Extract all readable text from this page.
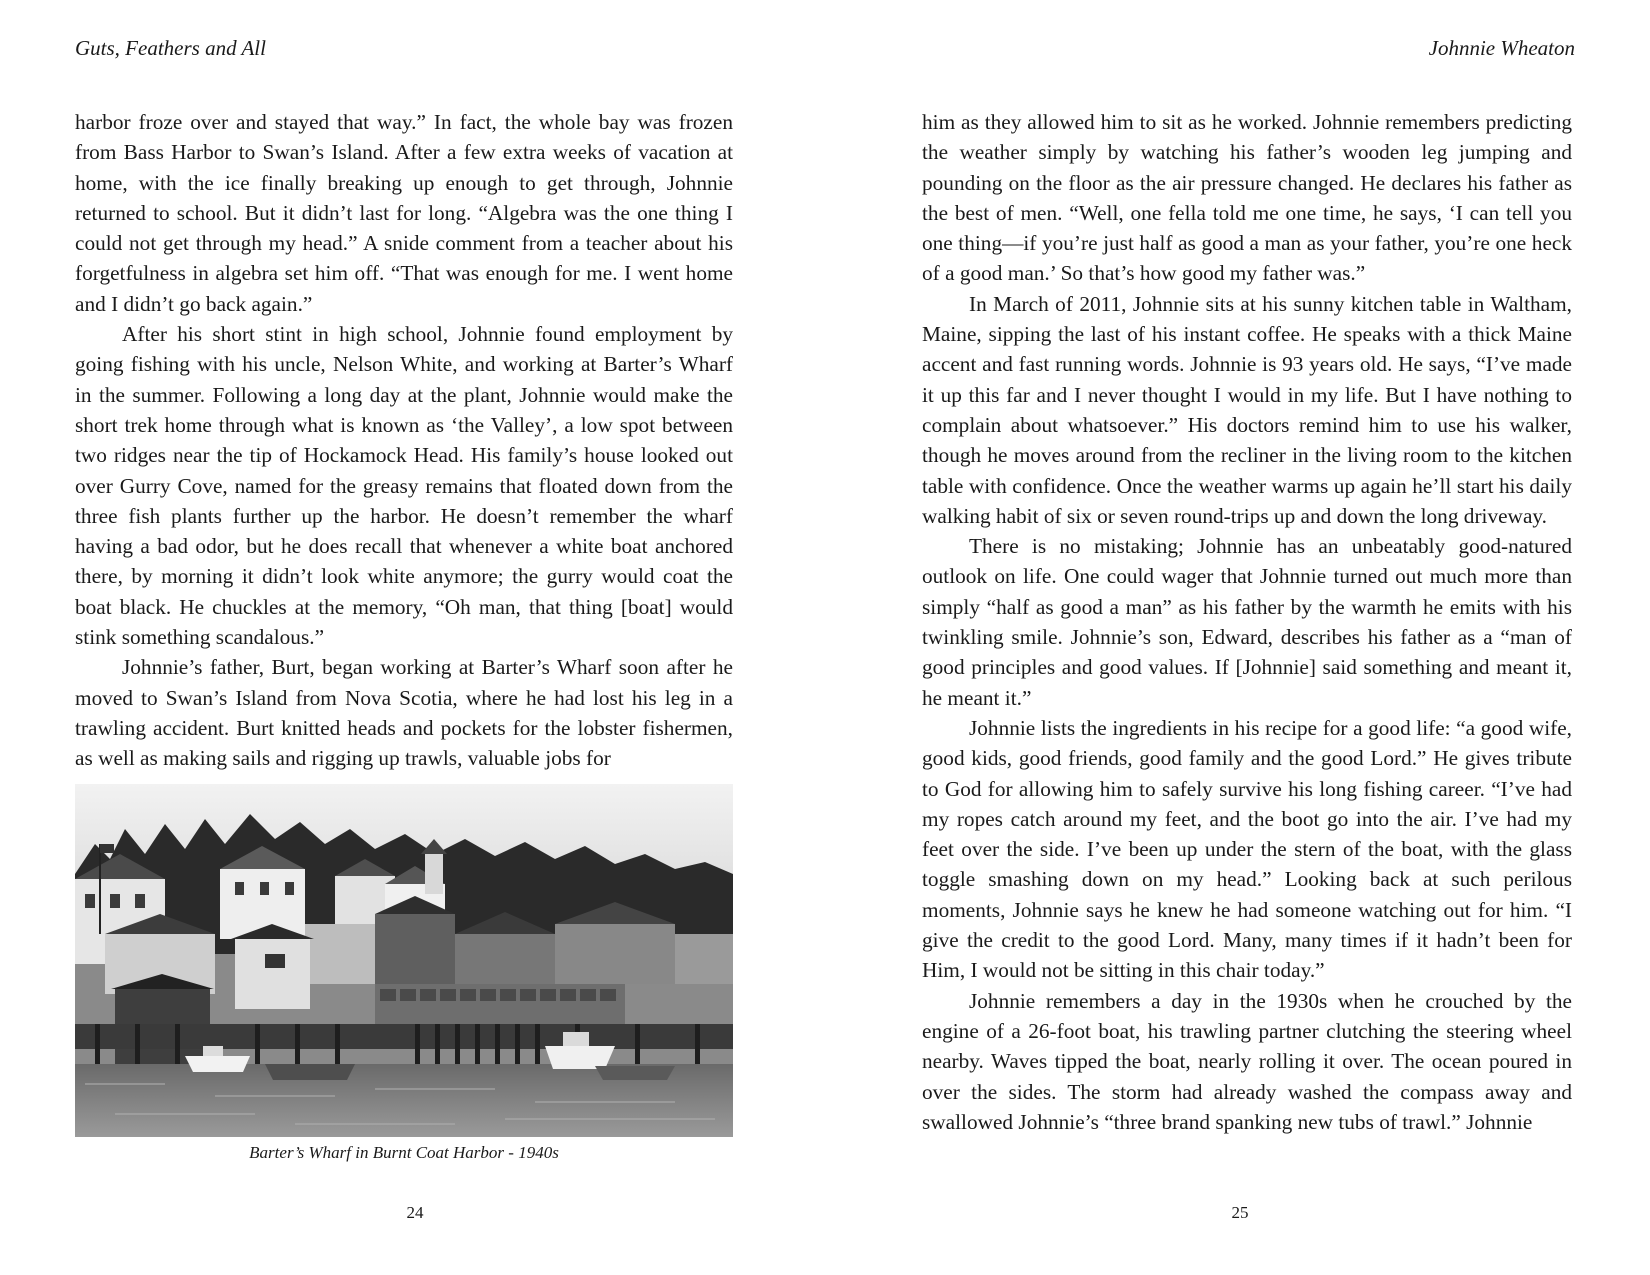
Guts, Feathers and All

harbor froze over and stayed that way.” In fact, the whole bay was frozen from Bass Harbor to Swan’s Island. After a few extra weeks of vacation at home, with the ice finally breaking up enough to get through, Johnnie returned to school. But it didn’t last for long. “Algebra was the one thing I could not get through my head.” A snide comment from a teacher about his forgetfulness in algebra set him off. “That was enough for me. I went home and I didn’t go back again.”

After his short stint in high school, Johnnie found employment by going fishing with his uncle, Nelson White, and working at Barter’s Wharf in the summer. Following a long day at the plant, Johnnie would make the short trek home through what is known as ‘the Valley’, a low spot between two ridges near the tip of Hockamock Head. His family’s house looked out over Gurry Cove, named for the greasy remains that floated down from the three fish plants further up the harbor. He doesn’t remember the wharf having a bad odor, but he does recall that whenever a white boat anchored there, by morning it didn’t look white anymore; the gurry would coat the boat black. He chuckles at the memory, “Oh man, that thing [boat] would stink something scandalous.”

Johnnie’s father, Burt, began working at Barter’s Wharf soon after he moved to Swan’s Island from Nova Scotia, where he had lost his leg in a trawling accident. Burt knitted heads and pockets for the lobster fishermen, as well as making sails and rigging up trawls, valuable jobs for

Barter’s Wharf in Burnt Coat Harbor - 1940s
24
Johnnie Wheaton

him as they allowed him to sit as he worked. Johnnie remembers predicting the weather simply by watching his father’s wooden leg jumping and pounding on the floor as the air pressure changed. He declares his father as the best of men. “Well, one fella told me one time, he says, ‘I can tell you one thing—if you’re just half as good a man as your father, you’re one heck of a good man.’ So that’s how good my father was.”

In March of 2011, Johnnie sits at his sunny kitchen table in Waltham, Maine, sipping the last of his instant coffee. He speaks with a thick Maine accent and fast running words. Johnnie is 93 years old. He says, “I’ve made it up this far and I never thought I would in my life. But I have nothing to complain about whatsoever.” His doctors remind him to use his walker, though he moves around from the recliner in the living room to the kitchen table with confidence. Once the weather warms up again he’ll start his daily walking habit of six or seven round-trips up and down the long driveway.

There is no mistaking; Johnnie has an unbeatably good-natured outlook on life. One could wager that Johnnie turned out much more than simply “half as good a man” as his father by the warmth he emits with his twinkling smile. Johnnie’s son, Edward, describes his father as a “man of good principles and good values. If [Johnnie] said something and meant it, he meant it.”

Johnnie lists the ingredients in his recipe for a good life: “a good wife, good kids, good friends, good family and the good Lord.” He gives tribute to God for allowing him to safely survive his long fishing career. “I’ve had my ropes catch around my feet, and the boot go into the air. I’ve had my feet over the side. I’ve been up under the stern of the boat, with the glass toggle smashing down on my head.” Looking back at such perilous moments, Johnnie says he knew he had someone watching out for him. “I give the credit to the good Lord. Many, many times if it hadn’t been for Him, I would not be sitting in this chair today.”

Johnnie remembers a day in the 1930s when he crouched by the engine of a 26-foot boat, his trawling partner clutching the steering wheel nearby. Waves tipped the boat, nearly rolling it over. The ocean poured in over the sides. The storm had already washed the compass away and swallowed Johnnie’s “three brand spanking new tubs of trawl.” Johnnie

25
